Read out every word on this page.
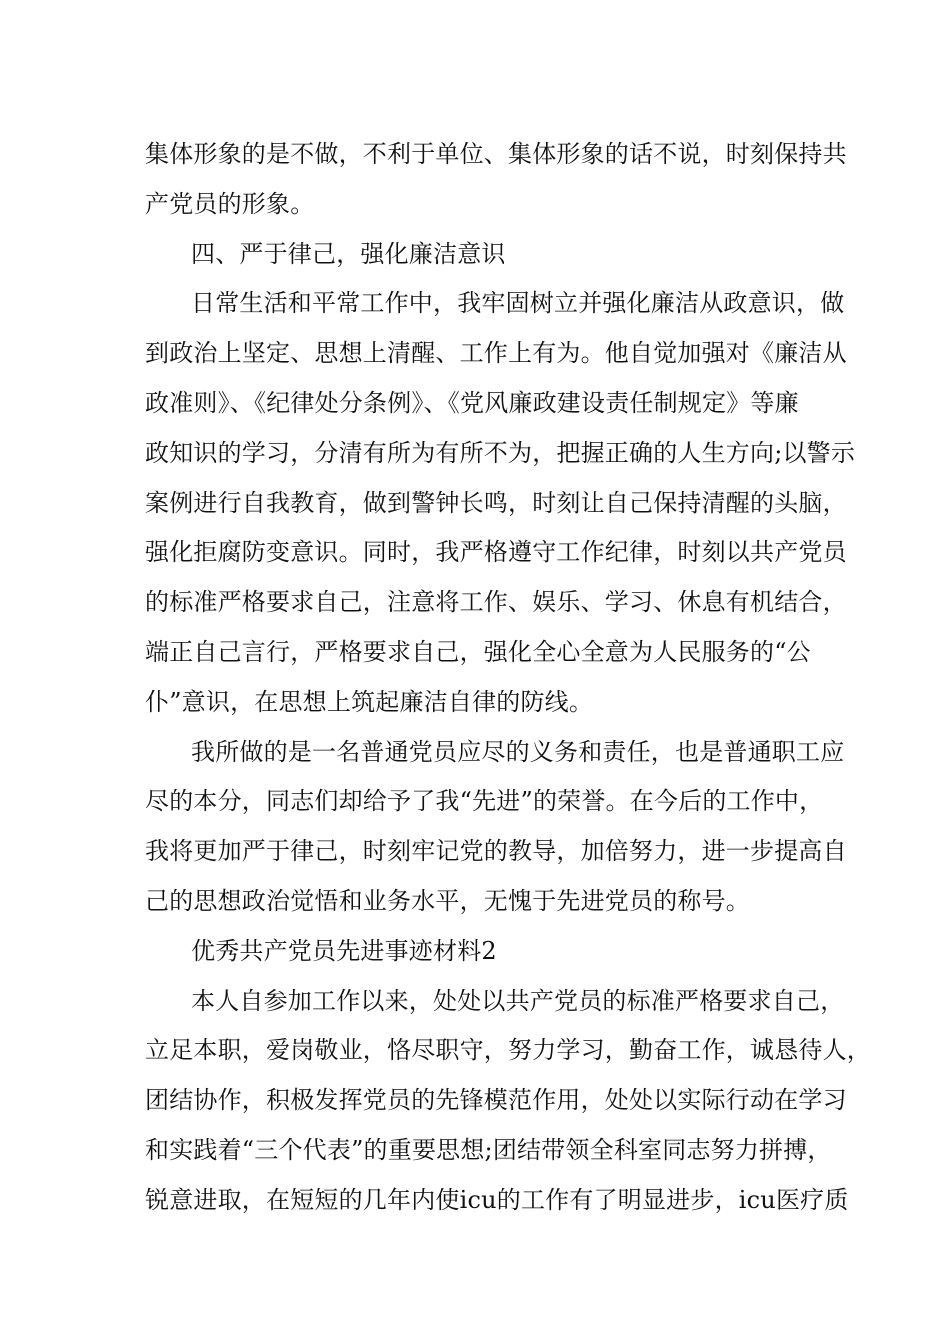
集体形象的是不做，不利于单位、集体形象的话不说，时刻保持共
产党员的形象。

四、严于律己，强化廉洁意识

日常生活和平常工作中，我牢固树立并强化廉洁从政意识，做
到政治上坚定、思想上清醒、工作上有为。他自觉加强对《廉洁从
政准则》、《纪律处分条例》、《党风廉政建设责任制规定》等廉
政知识的学习，分清有所为有所不为，把握正确的人生方向;以警示
案例进行自我教育，做到警钟长鸣，时刻让自己保持清醒的头脑，
强化拒腐防变意识。同时，我严格遵守工作纪律，时刻以共产党员
的标准严格要求自己，注意将工作、娱乐、学习、休息有机结合，
端正自己言行，严格要求自己，强化全心全意为人民服务的“公
仆”意识，在思想上筑起廉洁自律的防线。

我所做的是一名普通党员应尽的义务和责任，也是普通职工应
尽的本分，同志们却给予了我“先进”的荣誉。在今后的工作中，
我将更加严于律己，时刻牢记党的教导，加倍努力，进一步提高自
己的思想政治觉悟和业务水平，无愧于先进党员的称号。

优秀共产党员先进事迹材料2

本人自参加工作以来，处处以共产党员的标准严格要求自己，
立足本职，爱岗敬业，恪尽职守，努力学习，勤奋工作，诚恳待人，
团结协作，积极发挥党员的先锋模范作用，处处以实际行动在学习
和实践着“三个代表”的重要思想;团结带领全科室同志努力拼搏，
锐意进取，在短短的几年内使icu的工作有了明显进步，icu医疗质
